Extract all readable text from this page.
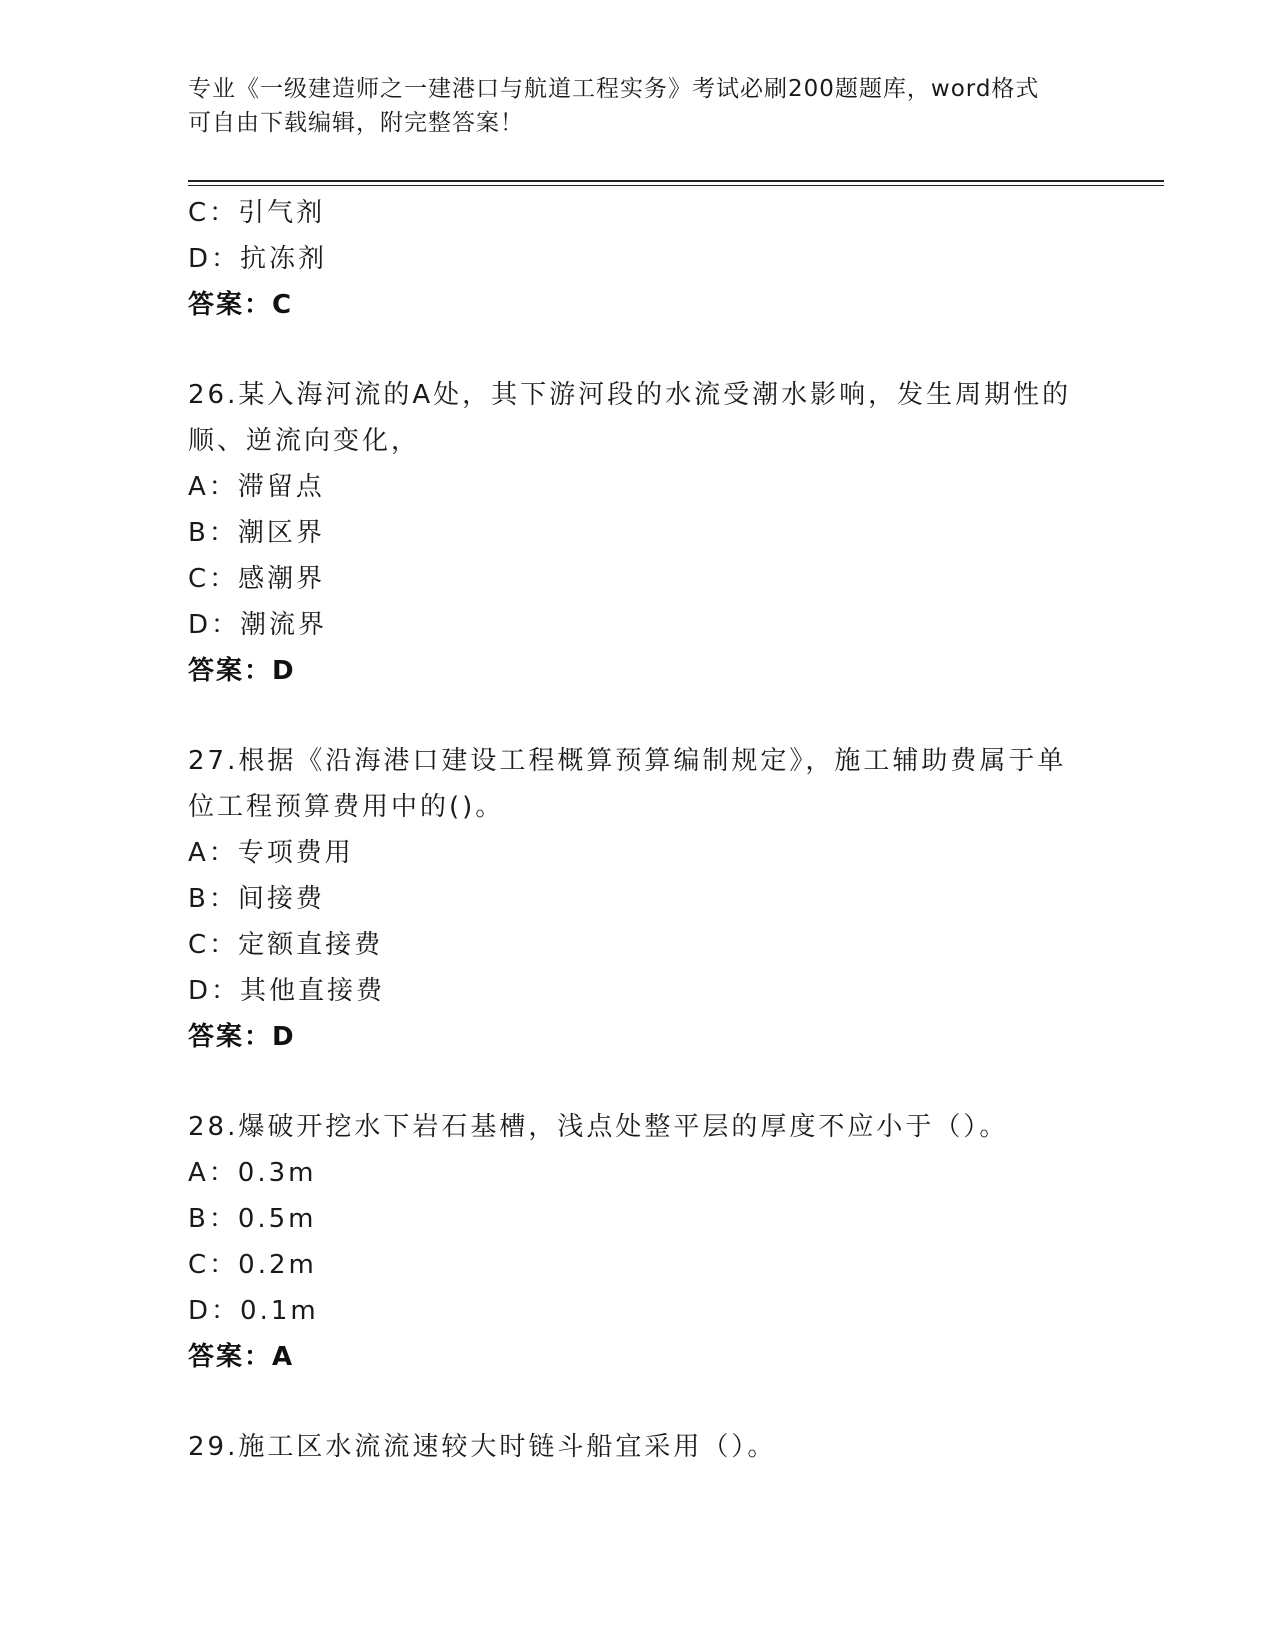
专业《一级建造师之一建港口与航道工程实务》考试必刷200题题库，word格式
可自由下载编辑，附完整答案！
C：引气剂
D：抗冻剂
答案：C
26.某入海河流的A处，其下游河段的水流受潮水影响，发生周期性的
顺、逆流向变化，
A：滞留点
B：潮区界
C：感潮界
D：潮流界
答案：D
27.根据《沿海港口建设工程概算预算编制规定》，施工辅助费属于单
位工程预算费用中的()。
A：专项费用
B：间接费
C：定额直接费
D：其他直接费
答案：D
28.爆破开挖水下岩石基槽，浅点处整平层的厚度不应小于（）。
A：0.3m
B：0.5m
C：0.2m
D：0.1m
答案：A
29.施工区水流流速较大时链斗船宜采用（）。
